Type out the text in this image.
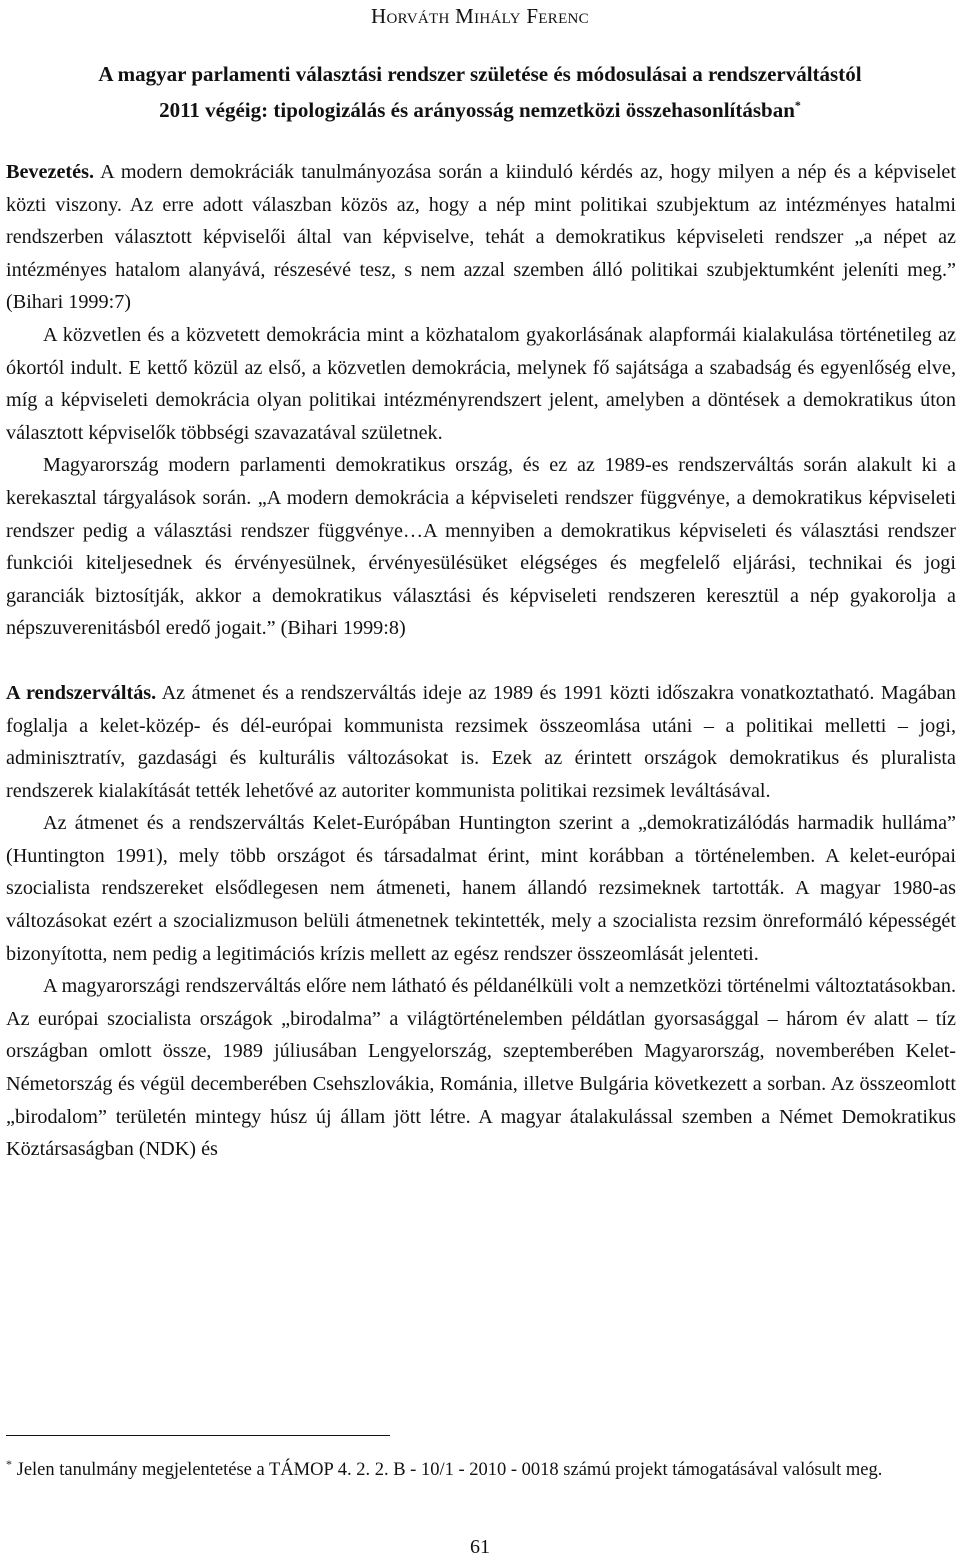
Horváth Mihály Ferenc
A magyar parlamenti választási rendszer születése és módosulásai a rendszerváltástól
2011 végéig: tipologizálás és arányosság nemzetközi összehasonlításban*

Bevezetés. A modern demokráciák tanulmányozása során a kiinduló kérdés az, hogy milyen a nép és a képviselet közti viszony. Az erre adott válaszban közös az, hogy a nép mint politikai szubjektum az intézményes hatalmi rendszerben választott képviselői által van képviselve, tehát a demokratikus képviseleti rendszer „a népet az intézményes hatalom alanyává, részesévé tesz, s nem azzal szemben álló politikai szubjektumként jeleníti meg.” (Bihari 1999:7)

A közvetlen és a közvetett demokrácia mint a közhatalom gyakorlásának alapformái kialakulása történetileg az ókortól indult. E kettő közül az első, a közvetlen demokrácia, melynek fő sajátsága a szabadság és egyenlőség elve, míg a képviseleti demokrácia olyan politikai intézményrendszert jelent, amelyben a döntések a demokratikus úton választott képviselők többségi szavazatával születnek.

Magyarország modern parlamenti demokratikus ország, és ez az 1989-es rendszerváltás során alakult ki a kerekasztal tárgyalások során. „A modern demokrácia a képviseleti rendszer függvénye, a demokratikus képviseleti rendszer pedig a választási rendszer függvénye…A mennyiben a demokratikus képviseleti és választási rendszer funkciói kiteljesednek és érvényesülnek, érvényesülésüket elégséges és megfelelő eljárási, technikai és jogi garanciák biztosítják, akkor a demokratikus választási és képviseleti rendszeren keresztül a nép gyakorolja a népszuverenitásból eredő jogait.” (Bihari 1999:8)

A rendszerváltás. Az átmenet és a rendszerváltás ideje az 1989 és 1991 közti időszakra vonatkoztatható. Magában foglalja a kelet-közép- és dél-európai kommunista rezsimek összeomlása utáni – a politikai melletti – jogi, adminisztratív, gazdasági és kulturális változásokat is. Ezek az érintett országok demokratikus és pluralista rendszerek kialakítását tették lehetővé az autoriter kommunista politikai rezsimek leváltásával.

Az átmenet és a rendszerváltás Kelet-Európában Huntington szerint a „demokratizálódás harmadik hulláma” (Huntington 1991), mely több országot és társadalmat érint, mint korábban a történelemben. A kelet-európai szocialista rendszereket elsődlegesen nem átmeneti, hanem állandó rezsimeknek tartották. A magyar 1980-as változásokat ezért a szocializmuson belüli átmenetnek tekintették, mely a szocialista rezsim önreformáló képességét bizonyította, nem pedig a legitimációs krízis mellett az egész rendszer összeomlását jelenteti.

A magyarországi rendszerváltás előre nem látható és példanélküli volt a nemzetközi történelmi változtatásokban. Az európai szocialista országok „birodalma” a világtörténelemben példátlan gyorsasággal – három év alatt – tíz országban omlott össze, 1989 júliusában Lengyelország, szeptemberében Magyarország, novemberében Kelet-Németország és végül decemberében Csehszlovákia, Románia, illetve Bulgária következett a sorban. Az összeomlott „birodalom” területén mintegy húsz új állam jött létre. A magyar átalakulással szemben a Német Demokratikus Köztársaságban (NDK) és

* Jelen tanulmány megjelentetése a TÁMOP 4. 2. 2. B - 10/1 - 2010 - 0018 számú projekt támogatásával valósult meg.
61
